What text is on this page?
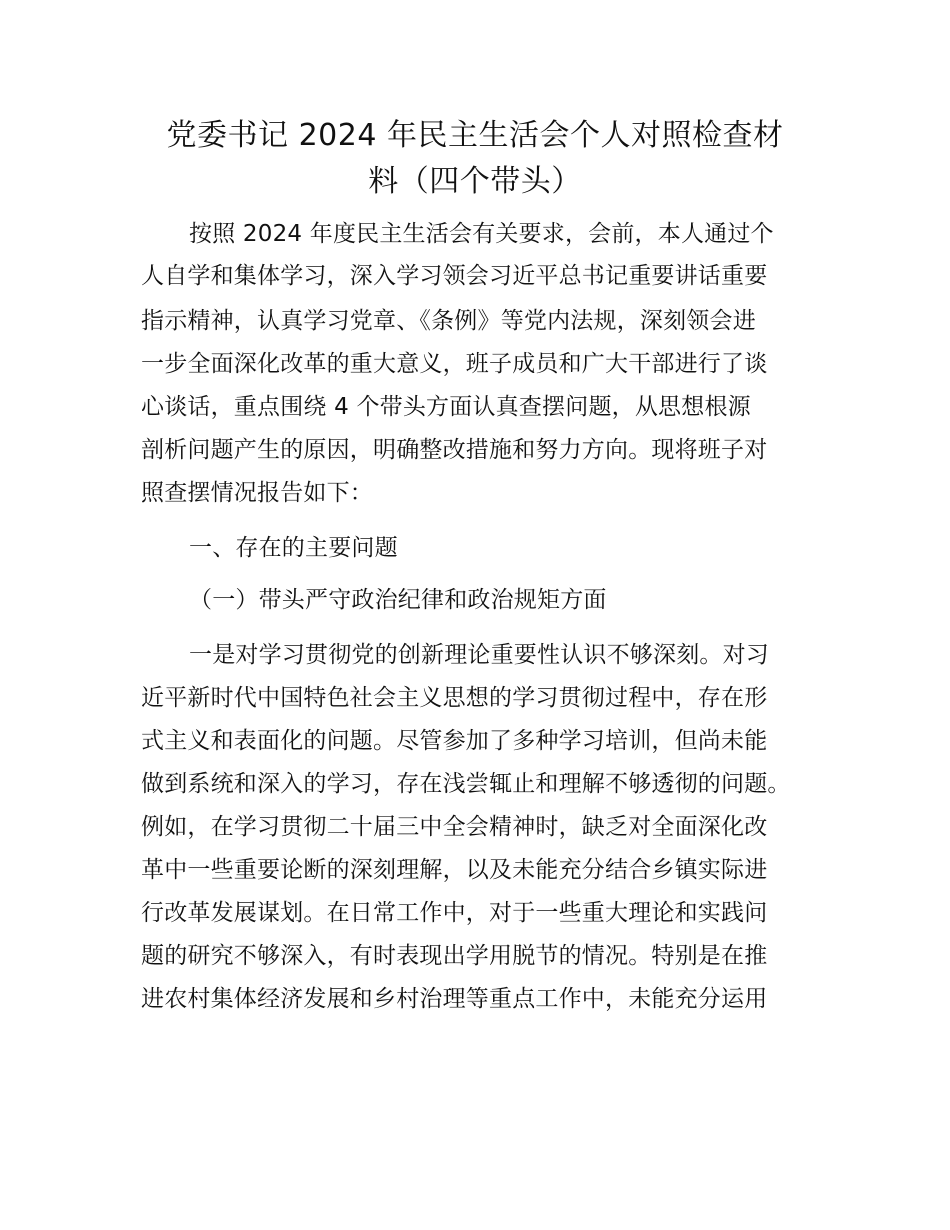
党委书记 2024 年民主生活会个人对照检查材
料（四个带头）
按照 2024 年度民主生活会有关要求，会前，本人通过个
人自学和集体学习，深入学习领会习近平总书记重要讲话重要
指示精神，认真学习党章、《条例》等党内法规，深刻领会进
一步全面深化改革的重大意义，班子成员和广大干部进行了谈
心谈话，重点围绕 4 个带头方面认真查摆问题，从思想根源
剖析问题产生的原因，明确整改措施和努力方向。现将班子对
照查摆情况报告如下：
一、存在的主要问题
（一）带头严守政治纪律和政治规矩方面
一是对学习贯彻党的创新理论重要性认识不够深刻。对习
近平新时代中国特色社会主义思想的学习贯彻过程中，存在形
式主义和表面化的问题。尽管参加了多种学习培训，但尚未能
做到系统和深入的学习，存在浅尝辄止和理解不够透彻的问题。
例如，在学习贯彻二十届三中全会精神时，缺乏对全面深化改
革中一些重要论断的深刻理解，以及未能充分结合乡镇实际进
行改革发展谋划。在日常工作中，对于一些重大理论和实践问
题的研究不够深入，有时表现出学用脱节的情况。特别是在推
进农村集体经济发展和乡村治理等重点工作中，未能充分运用
